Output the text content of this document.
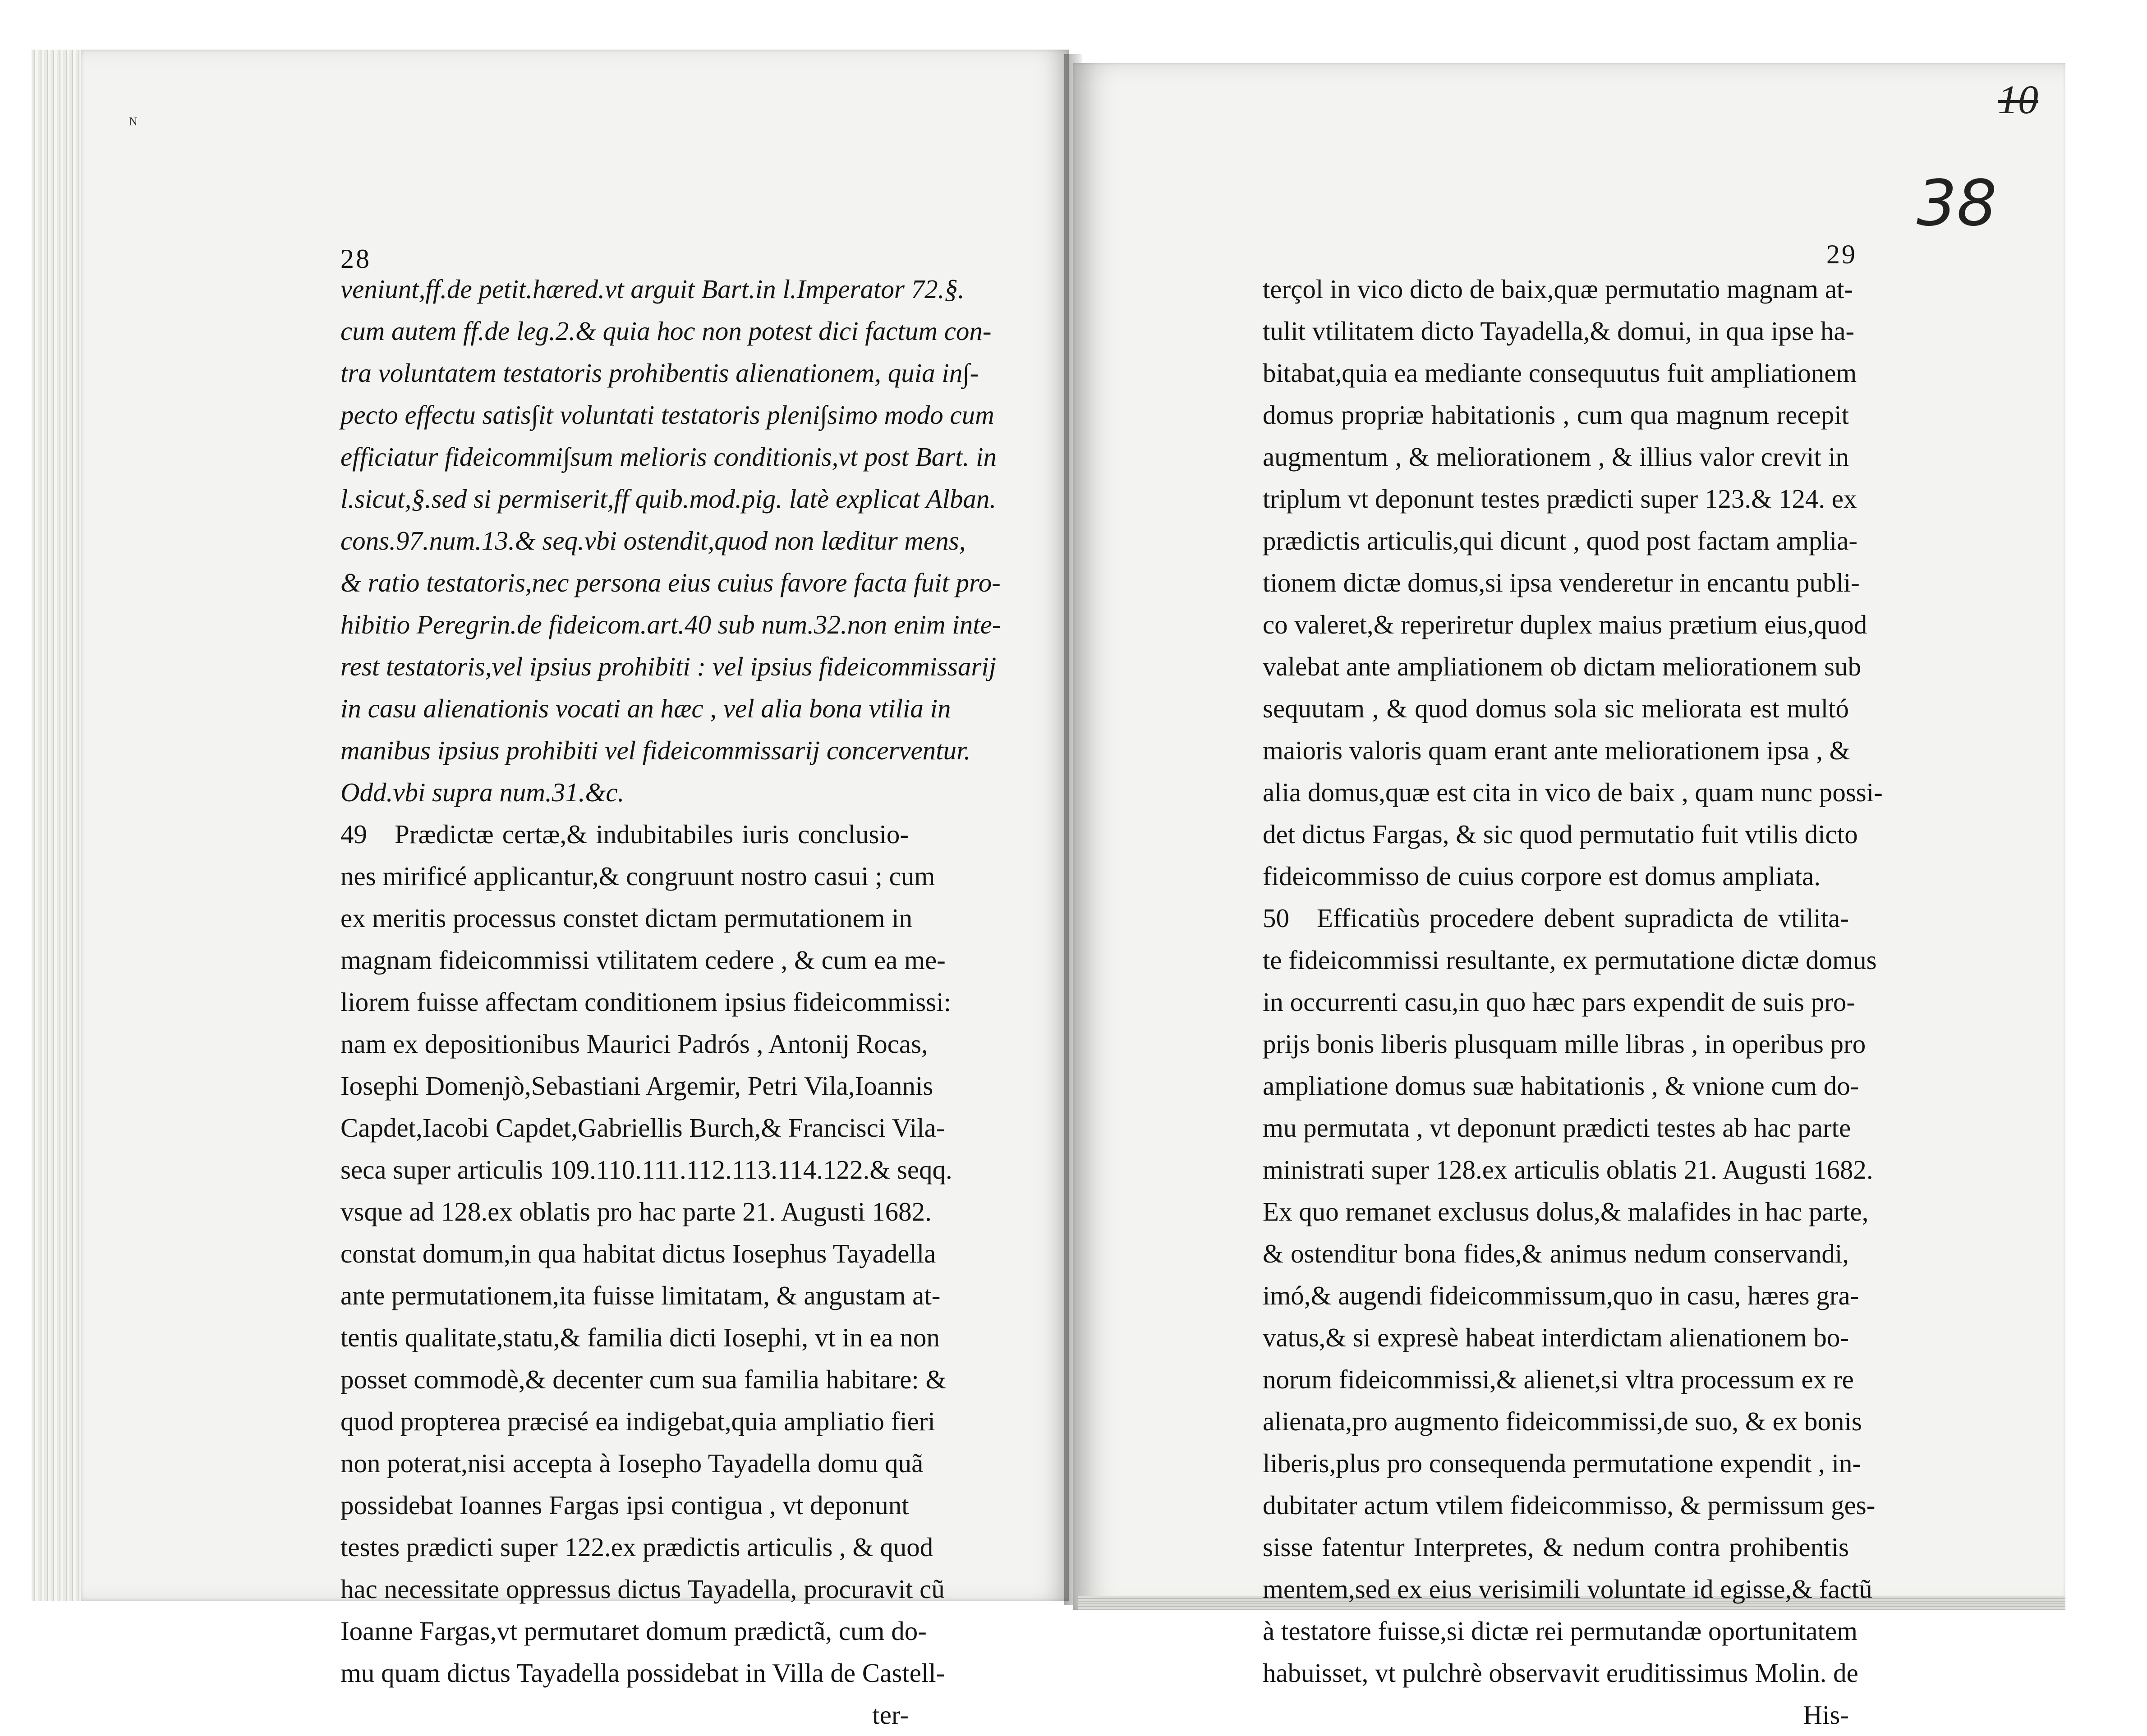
ᴺ
10
38
28	29
veniunt,ff.de petit.hæred.vt arguit Bart.in l.Imperator 72.§.
cum autem ff.de leg.2.& quia hoc non potest dici factum con-
tra voluntatem testatoris prohibentis alienationem, quia in∫-
pecto effectu satis∫it voluntati testatoris pleni∫simo modo cum
efficiatur fideicommi∫sum melioris conditionis,vt post Bart. in
l.sicut,§.sed si permiserit,ff quib.mod.pig. latè explicat Alban.
cons.97.num.13.& seq.vbi ostendit,quod non læditur mens,
& ratio testatoris,nec persona eius cuius favore facta fuit pro-
hibitio Peregrin.de fideicom.art.40 sub num.32.non enim inte-
rest testatoris,vel ipsius prohibiti : vel ipsius fideicommissarij
in casu alienationis vocati an hæc , vel alia bona vtilia in
manibus ipsius prohibiti vel fideicommissarij concerventur.
Odd.vbi supra num.31.&c.
49 Prædictæ certæ,& indubitabiles iuris conclusio-
nes mirificé applicantur,& congruunt nostro casui ; cum
ex meritis processus constet dictam permutationem in
magnam fideicommissi vtilitatem cedere , & cum ea me-
liorem fuisse affectam conditionem ipsius fideicommissi:
nam ex depositionibus Maurici Padrós , Antonij Rocas,
Iosephi Domenjò,Sebastiani Argemir, Petri Vila,Ioannis
Capdet,Iacobi Capdet,Gabriellis Burch,& Francisci Vila-
seca super articulis 109.110.111.112.113.114.122.& seqq.
vsque ad 128.ex oblatis pro hac parte 21. Augusti 1682.
constat domum,in qua habitat dictus Iosephus Tayadella
ante permutationem,ita fuisse limitatam, & angustam at-
tentis qualitate,statu,& familia dicti Iosephi, vt in ea non
posset commodè,& decenter cum sua familia habitare: &
quod propterea præcisé ea indigebat,quia ampliatio fieri
non poterat,nisi accepta à Iosepho Tayadella domu quã
possidebat Ioannes Fargas ipsi contigua , vt deponunt
testes prædicti super 122.ex prædictis articulis , & quod
hac necessitate oppressus dictus Tayadella, procuravit cũ
Ioanne Fargas,vt permutaret domum prædictã, cum do-
mu quam dictus Tayadella possidebat in Villa de Castell-
ter-
terçol in vico dicto de baix,quæ permutatio magnam at-
tulit vtilitatem dicto Tayadella,& domui, in qua ipse ha-
bitabat,quia ea mediante consequutus fuit ampliationem
domus propriæ habitationis , cum qua magnum recepit
augmentum , & meliorationem , & illius valor crevit in
triplum vt deponunt testes prædicti super 123.& 124. ex
prædictis articulis,qui dicunt , quod post factam amplia-
tionem dictæ domus,si ipsa venderetur in encantu publi-
co valeret,& reperiretur duplex maius prætium eius,quod
valebat ante ampliationem ob dictam meliorationem sub
sequutam , & quod domus sola sic meliorata est multó
maioris valoris quam erant ante meliorationem ipsa , &
alia domus,quæ est cita in vico de baix , quam nunc possi-
det dictus Fargas, & sic quod permutatio fuit vtilis dicto
fideicommisso de cuius corpore est domus ampliata.
50 Efficatiùs procedere debent supradicta de vtilita-
te fideicommissi resultante, ex permutatione dictæ domus
in occurrenti casu,in quo hæc pars expendit de suis pro-
prijs bonis liberis plusquam mille libras , in operibus pro
ampliatione domus suæ habitationis , & vnione cum do-
mu permutata , vt deponunt prædicti testes ab hac parte
ministrati super 128.ex articulis oblatis 21. Augusti 1682.
Ex quo remanet exclusus dolus,& malafides in hac parte,
& ostenditur bona fides,& animus nedum conservandi,
imó,& augendi fideicommissum,quo in casu, hæres gra-
vatus,& si expresè habeat interdictam alienationem bo-
norum fideicommissi,& alienet,si vltra processum ex re
alienata,pro augmento fideicommissi,de suo, & ex bonis
liberis,plus pro consequenda permutatione expendit , in-
dubitater actum vtilem fideicommisso, & permissum ges-
sisse fatentur Interpretes, & nedum contra prohibentis
mentem,sed ex eius verisimili voluntate id egisse,& factũ
à testatore fuisse,si dictæ rei permutandæ oportunitatem
habuisset, vt pulchrè observavit eruditissimus Molin. de
His-
